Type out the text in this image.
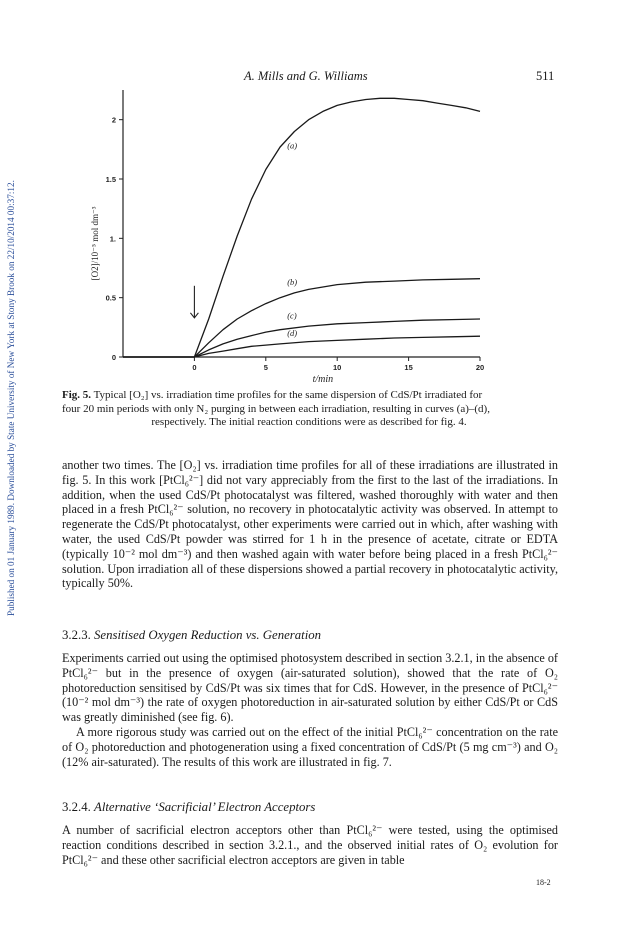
Published on 01 January 1989. Downloaded by State University of New York at Stony Brook on 22/10/2014 00:37:12.
A. Mills and G. Williams	511
0
0.5
1.
1.5
2
0	5	10	15	20
t/min
[O2]/10⁻⁵ mol dm⁻³
(a)
(b)
(c)
(d)

Fig. 5. Typical [O₂] vs. irradiation time profiles for the same dispersion of CdS/Pt irradiated for

four 20 min periods with only N₂ purging in between each irradiation, resulting in curves (a)–(d),

respectively. The initial reaction conditions were as described for fig. 4.

another two times. The [O₂] vs. irradiation time profiles for all of these irradiations are illustrated in fig. 5. In this work [PtCl₆²⁻] did not vary appreciably from the first to the last of the irradiations. In addition, when the used CdS/Pt photocatalyst was filtered, washed thoroughly with water and then placed in a fresh PtCl₆²⁻ solution, no recovery in photocatalytic activity was observed. In attempt to regenerate the CdS/Pt photocatalyst, other experiments were carried out in which, after washing with water, the used CdS/Pt powder was stirred for 1 h in the presence of acetate, citrate or EDTA (typically 10⁻² mol dm⁻³) and then washed again with water before being placed in a fresh PtCl₆²⁻ solution. Upon irradiation all of these dispersions showed a partial recovery in photocatalytic activity, typically 50%.

3.2.3. Sensitised Oxygen Reduction vs. Generation

Experiments carried out using the optimised photosystem described in section 3.2.1, in the absence of PtCl₆²⁻ but in the presence of oxygen (air-saturated solution), showed that the rate of O₂ photoreduction sensitised by CdS/Pt was six times that for CdS. However, in the presence of PtCl₆²⁻ (10⁻² mol dm⁻³) the rate of oxygen photoreduction in air-saturated solution by either CdS/Pt or CdS was greatly diminished (see fig. 6).

A more rigorous study was carried out on the effect of the initial PtCl₆²⁻ concentration on the rate of O₂ photoreduction and photogeneration using a fixed concentration of CdS/Pt (5 mg cm⁻³) and O₂ (12% air-saturated). The results of this work are illustrated in fig. 7.

3.2.4. Alternative ‘Sacrificial’ Electron Acceptors

A number of sacrificial electron acceptors other than PtCl₆²⁻ were tested, using the optimised reaction conditions described in section 3.2.1., and the observed initial rates of O₂ evolution for PtCl₆²⁻ and these other sacrificial electron acceptors are given in table

18-2
